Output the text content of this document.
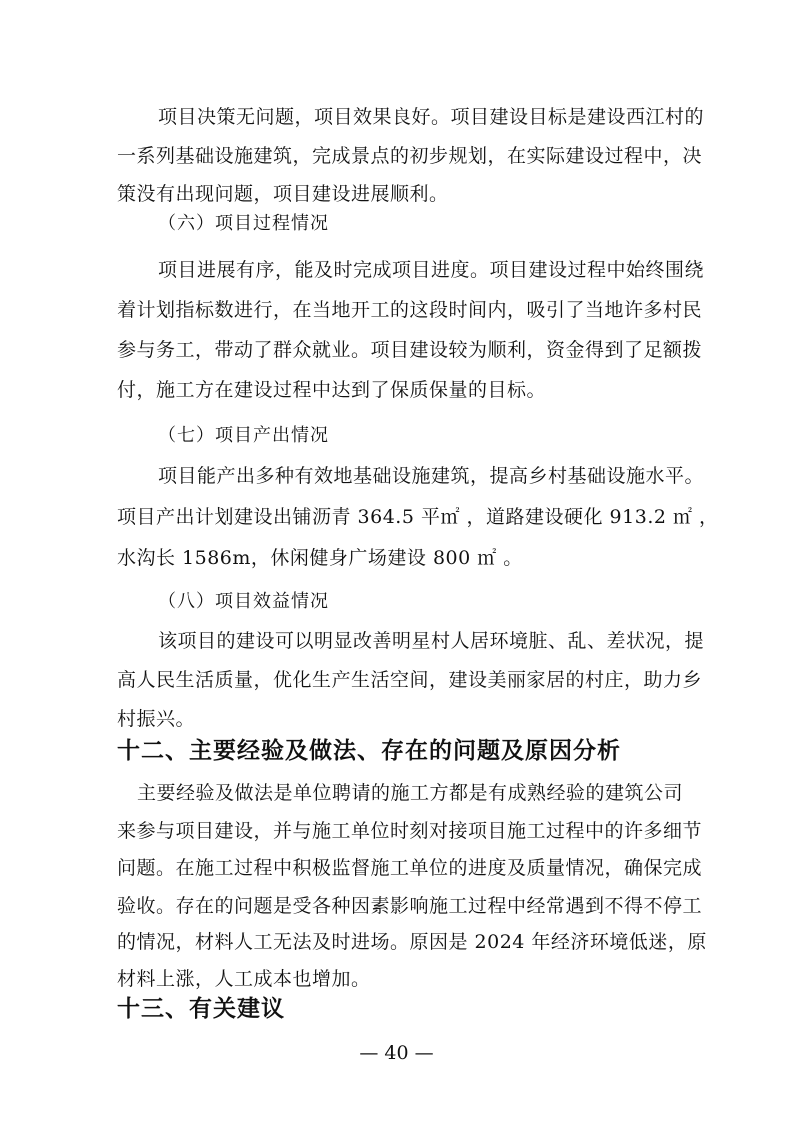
项目决策无问题，项目效果良好。项目建设目标是建设西江村的
一系列基础设施建筑，完成景点的初步规划，在实际建设过程中，决
策没有出现问题，项目建设进展顺利。
（六）项目过程情况
项目进展有序，能及时完成项目进度。项目建设过程中始终围绕
着计划指标数进行，在当地开工的这段时间内，吸引了当地许多村民
参与务工，带动了群众就业。项目建设较为顺利，资金得到了足额拨
付，施工方在建设过程中达到了保质保量的目标。
（七）项目产出情况
项目能产出多种有效地基础设施建筑，提高乡村基础设施水平。
项目产出计划建设出铺沥青 364.5 平㎡ ，道路建设硬化 913.2 ㎡ ，
水沟长 1586m，休闲健身广场建设 800 ㎡ 。
（八）项目效益情况
该项目的建设可以明显改善明星村人居环境脏、乱、差状况，提
高人民生活质量，优化生产生活空间，建设美丽家居的村庄，助力乡
村振兴。
十二、主要经验及做法、存在的问题及原因分析
主要经验及做法是单位聘请的施工方都是有成熟经验的建筑公司
来参与项目建设，并与施工单位时刻对接项目施工过程中的许多细节
问题。在施工过程中积极监督施工单位的进度及质量情况，确保完成
验收。存在的问题是受各种因素影响施工过程中经常遇到不得不停工
的情况，材料人工无法及时进场。原因是 2024 年经济环境低迷，原
材料上涨，人工成本也增加。
十三、有关建议
— 40 —
